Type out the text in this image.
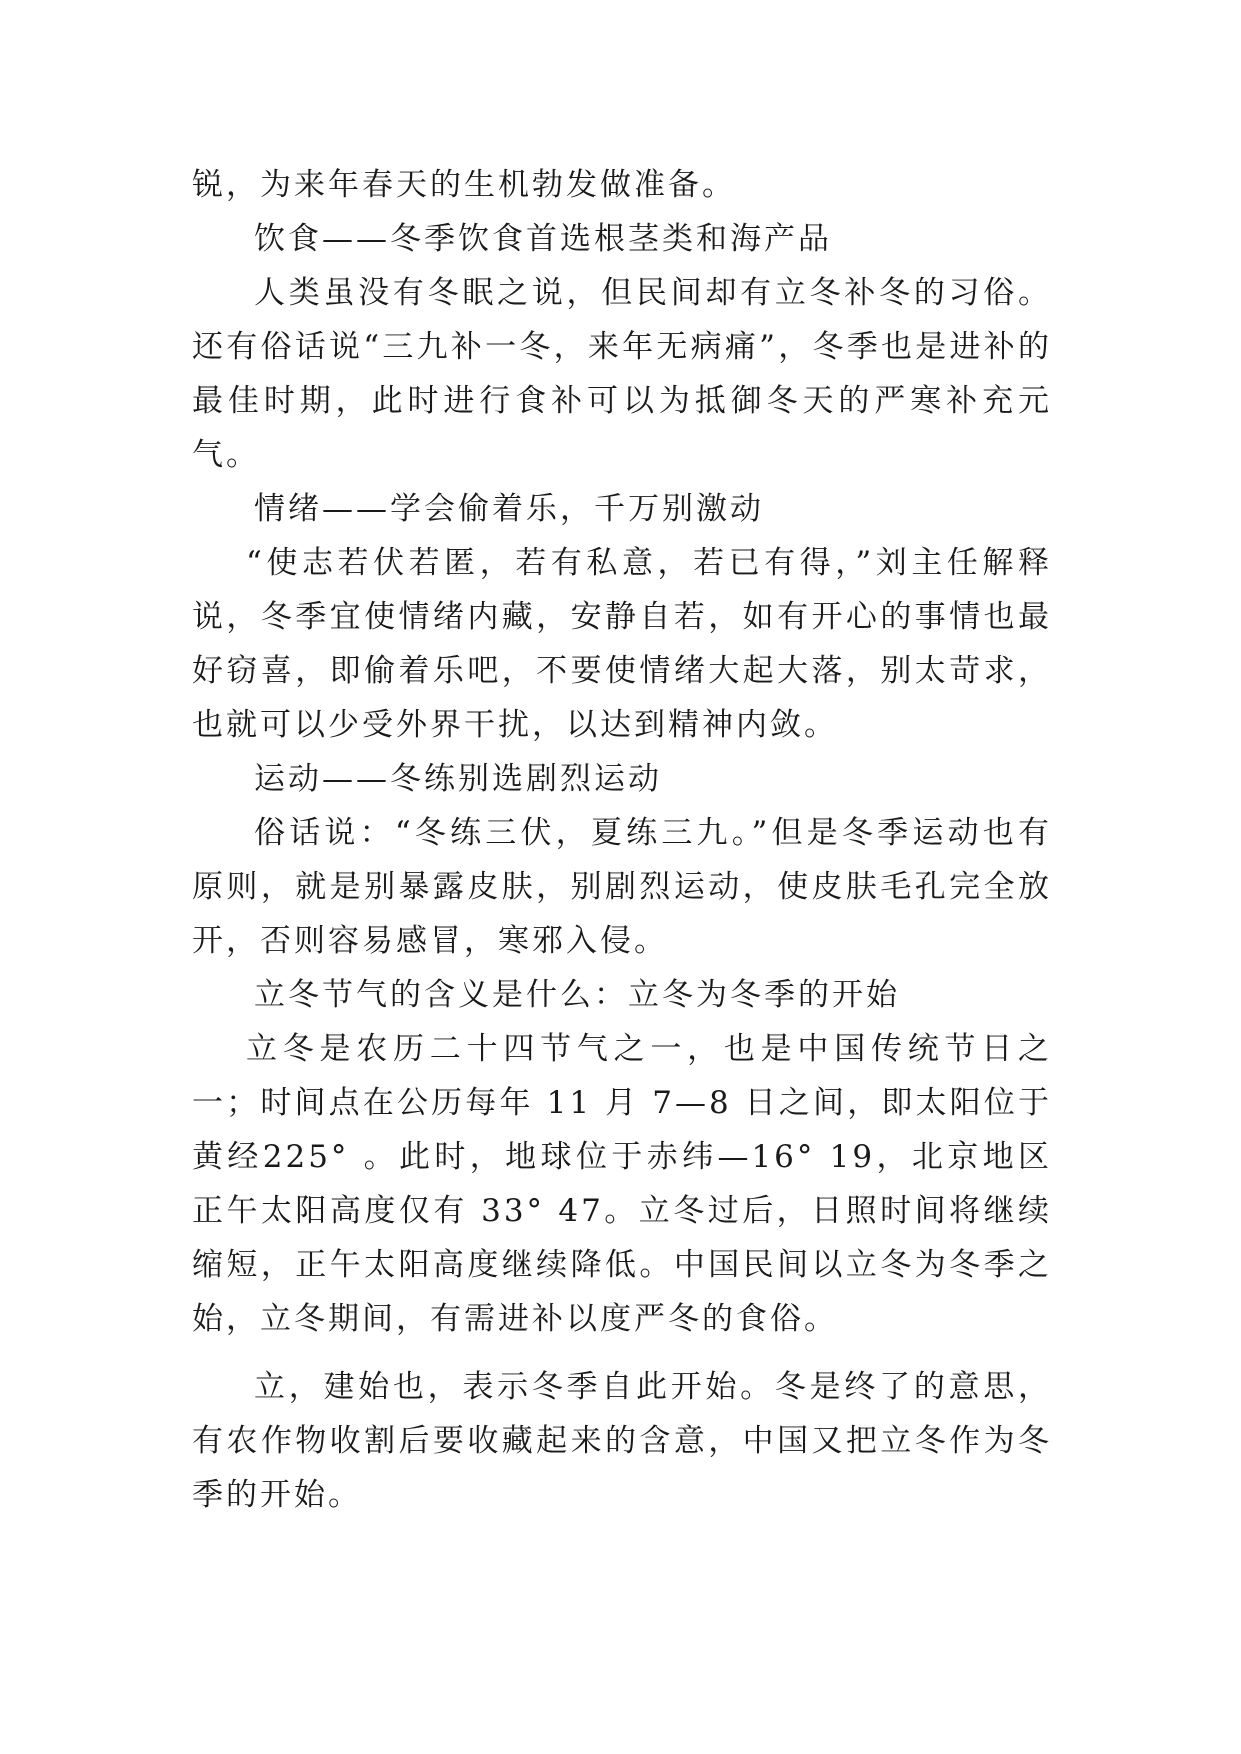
锐，为来年春天的生机勃发做准备。

饮食——冬季饮食首选根茎类和海产品

人类虽没有冬眠之说，但民间却有立冬补冬的习俗。还有俗话说“三九补一冬，来年无病痛”，冬季也是进补的最佳时期，此时进行食补可以为抵御冬天的严寒补充元气。

情绪——学会偷着乐，千万别激动

“使志若伏若匿，若有私意，若已有得，”刘主任解释说，冬季宜使情绪内藏，安静自若，如有开心的事情也最好窃喜，即偷着乐吧，不要使情绪大起大落，别太苛求，也就可以少受外界干扰，以达到精神内敛。

运动——冬练别选剧烈运动

俗话说：“冬练三伏，夏练三九。”但是冬季运动也有原则，就是别暴露皮肤，别剧烈运动，使皮肤毛孔完全放开，否则容易感冒，寒邪入侵。

立冬节气的含义是什么：立冬为冬季的开始

立冬是农历二十四节气之一，也是中国传统节日之一；时间点在公历每年 11 月 7—8 日之间，即太阳位于黄经225° 。此时，地球位于赤纬—16° 19，北京地区正午太阳高度仅有 33° 47。立冬过后，日照时间将继续缩短，正午太阳高度继续降低。中国民间以立冬为冬季之始，立冬期间，有需进补以度严冬的食俗。

立，建始也，表示冬季自此开始。冬是终了的意思，有农作物收割后要收藏起来的含意，中国又把立冬作为冬季的开始。
